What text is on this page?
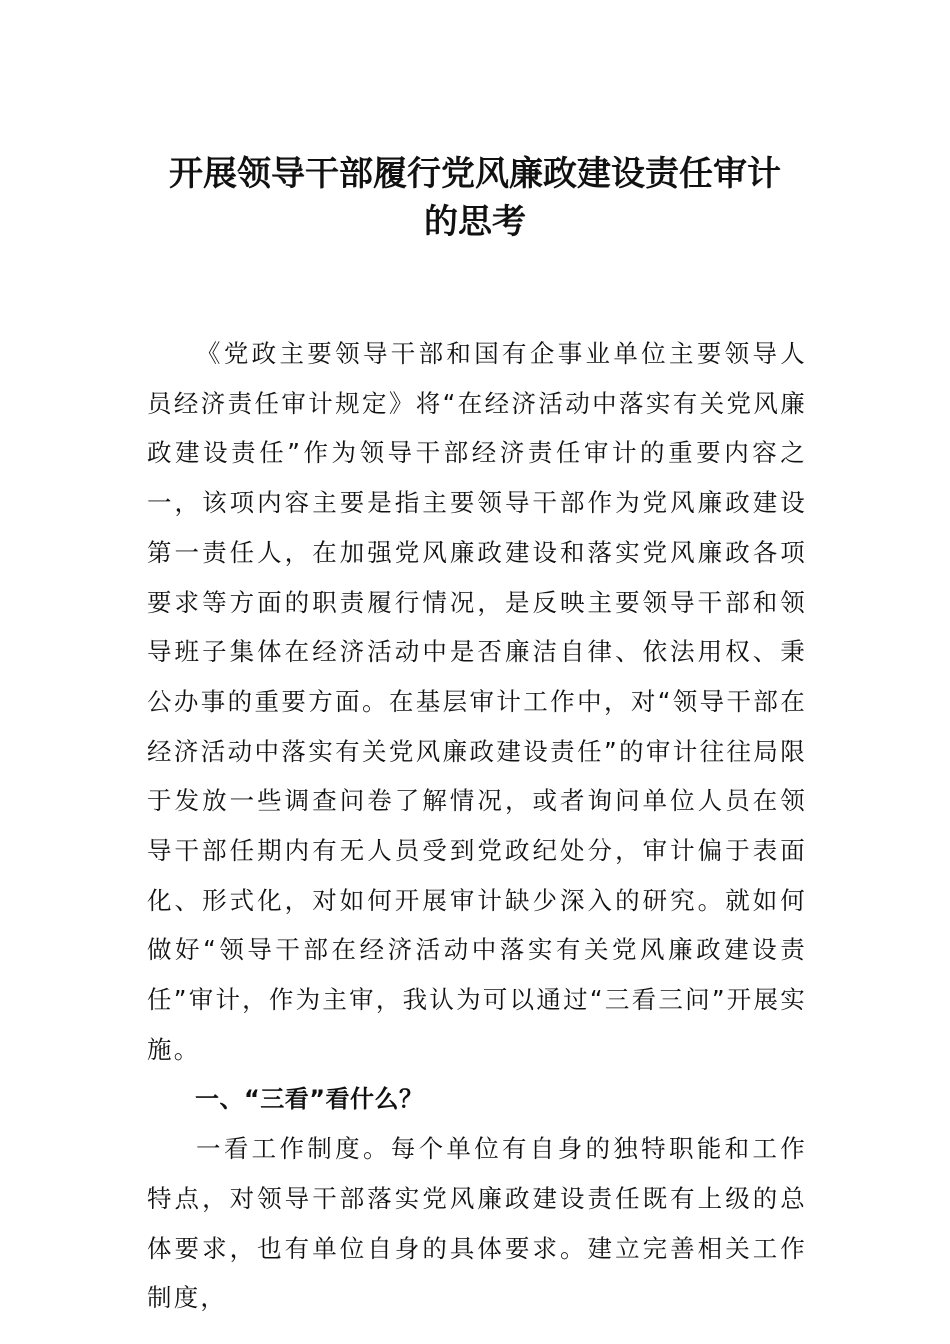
开展领导干部履行党风廉政建设责任审计
的思考

《党政主要领导干部和国有企事业单位主要领导人员经济责任审计规定》将“在经济活动中落实有关党风廉政建设责任”作为领导干部经济责任审计的重要内容之一，该项内容主要是指主要领导干部作为党风廉政建设第一责任人，在加强党风廉政建设和落实党风廉政各项要求等方面的职责履行情况，是反映主要领导干部和领导班子集体在经济活动中是否廉洁自律、依法用权、秉公办事的重要方面。在基层审计工作中，对“领导干部在经济活动中落实有关党风廉政建设责任”的审计往往局限于发放一些调查问卷了解情况，或者询问单位人员在领导干部任期内有无人员受到党政纪处分，审计偏于表面化、形式化，对如何开展审计缺少深入的研究。就如何做好“领导干部在经济活动中落实有关党风廉政建设责任”审计，作为主审，我认为可以通过“三看三问”开展实施。

一、“三看”看什么？

一看工作制度。每个单位有自身的独特职能和工作特点，对领导干部落实党风廉政建设责任既有上级的总体要求，也有单位自身的具体要求。建立完善相关工作制度，
